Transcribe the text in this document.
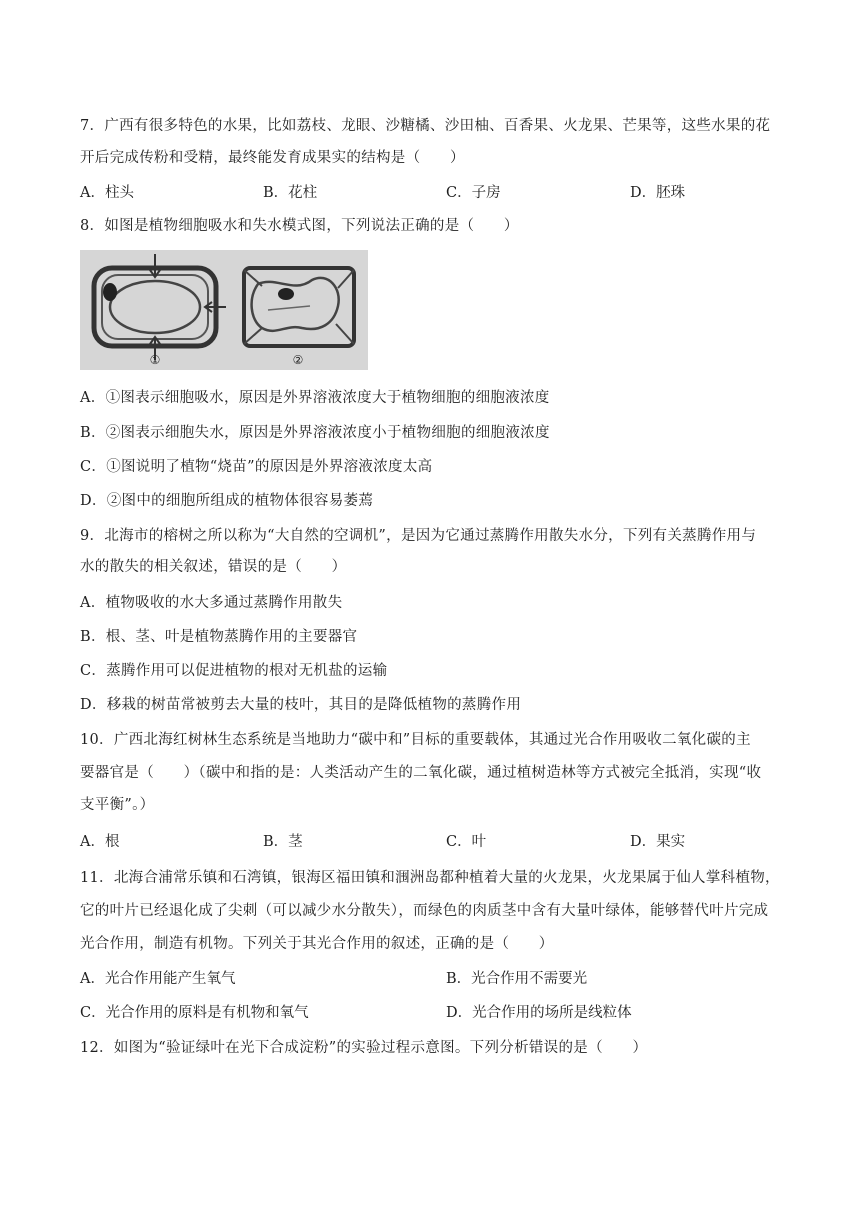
7．广西有很多特色的水果，比如荔枝、龙眼、沙糖橘、沙田柚、百香果、火龙果、芒果等，这些水果的花
开后完成传粉和受精，最终能发育成果实的结构是（　　）
A．柱头	B．花柱	C．子房	D．胚珠
8．如图是植物细胞吸水和失水模式图，下列说法正确的是（　　）
①	②
A．①图表示细胞吸水，原因是外界溶液浓度大于植物细胞的细胞液浓度
B．②图表示细胞失水，原因是外界溶液浓度小于植物细胞的细胞液浓度
C．①图说明了植物“烧苗”的原因是外界溶液浓度太高
D．②图中的细胞所组成的植物体很容易萎蔫
9．北海市的榕树之所以称为“大自然的空调机”，是因为它通过蒸腾作用散失水分，下列有关蒸腾作用与
水的散失的相关叙述，错误的是（　　）
A．植物吸收的水大多通过蒸腾作用散失
B．根、茎、叶是植物蒸腾作用的主要器官
C．蒸腾作用可以促进植物的根对无机盐的运输
D．移栽的树苗常被剪去大量的枝叶，其目的是降低植物的蒸腾作用
10．广西北海红树林生态系统是当地助力“碳中和”目标的重要载体，其通过光合作用吸收二氧化碳的主
要器官是（　　）（碳中和指的是：人类活动产生的二氧化碳，通过植树造林等方式被完全抵消，实现“收
支平衡”。）
A．根	B．茎	C．叶	D．果实
11．北海合浦常乐镇和石湾镇，银海区福田镇和涠洲岛都种植着大量的火龙果，火龙果属于仙人掌科植物，
它的叶片已经退化成了尖刺（可以减少水分散失），而绿色的肉质茎中含有大量叶绿体，能够替代叶片完成
光合作用，制造有机物。下列关于其光合作用的叙述，正确的是（　　）
A．光合作用能产生氧气	B．光合作用不需要光
C．光合作用的原料是有机物和氧气	D．光合作用的场所是线粒体
12．如图为“验证绿叶在光下合成淀粉”的实验过程示意图。下列分析错误的是（　　）
